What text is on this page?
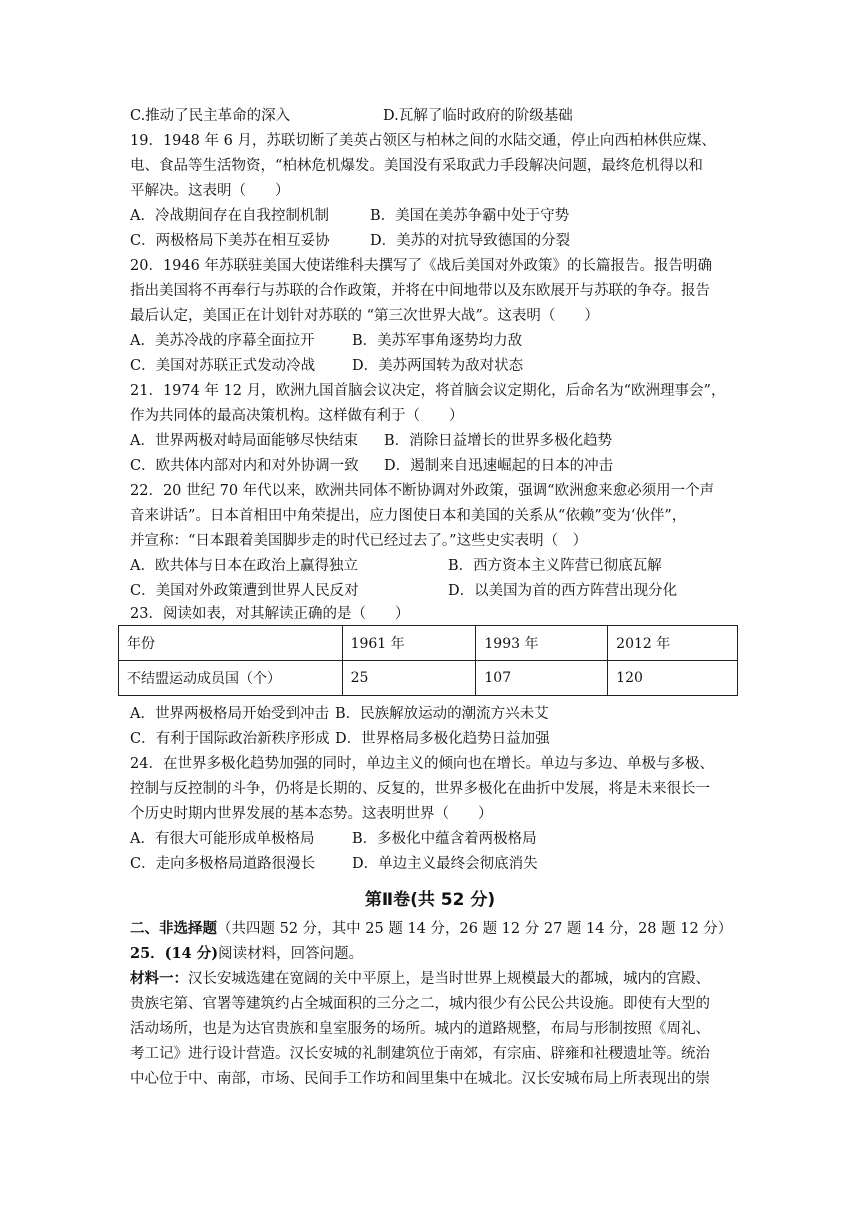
C.推动了民主革命的深入	D.瓦解了临时政府的阶级基础
19．1948 年 6 月，苏联切断了美英占领区与柏林之间的水陆交通，停止向西柏林供应煤、
电、食品等生活物资，“柏林危机爆发。美国没有采取武力手段解决问题，最终危机得以和
平解决。这表明（　　）
A．冷战期间存在自我控制机制	B．美国在美苏争霸中处于守势
C．两极格局下美苏在相互妥协	D．美苏的对抗导致德国的分裂
20．1946 年苏联驻美国大使诺维科夫撰写了《战后美国对外政策》的长篇报告。报告明确
指出美国将不再奉行与苏联的合作政策，并将在中间地带以及东欧展开与苏联的争夺。报告
最后认定，美国正在计划针对苏联的 “第三次世界大战”。这表明（　　）
A．美苏冷战的序幕全面拉开	B．美苏军事角逐势均力敌
C．美国对苏联正式发动冷战	D．美苏两国转为敌对状态
21．1974 年 12 月，欧洲九国首脑会议决定，将首脑会议定期化，后命名为“欧洲理事会”，
作为共同体的最高决策机构。这样做有利于（　　）
A．世界两极对峙局面能够尽快结束 B．消除日益增长的世界多极化趋势
C．欧共体内部对内和对外协调一致 D．遏制来自迅速崛起的日本的冲击
22．20 世纪 70 年代以来，欧洲共同体不断协调对外政策，强调“欧洲愈来愈必须用一个声
音来讲话”。日本首相田中角荣提出，应力图使日本和美国的关系从“依赖”变为‘伙伴”，
并宣称：“日本跟着美国脚步走的时代已经过去了。”这些史实表明（　）
A．欧共体与日本在政治上赢得独立	B．西方资本主义阵营已彻底瓦解
C．美国对外政策遭到世界人民反对	D．以美国为首的西方阵营出现分化
23．阅读如表，对其解读正确的是（　　）
年份	1961 年	1993 年	2012 年
不结盟运动成员国（个）	25	107	120
A．世界两极格局开始受到冲击 B．民族解放运动的潮流方兴未艾
C．有利于国际政治新秩序形成 D．世界格局多极化趋势日益加强
24．在世界多极化趋势加强的同时，单边主义的倾向也在增长。单边与多边、单极与多极、
控制与反控制的斗争，仍将是长期的、反复的，世界多极化在曲折中发展，将是未来很长一
个历史时期内世界发展的基本态势。这表明世界（　　）
A．有很大可能形成单极格局	B．多极化中蕴含着两极格局
C．走向多极格局道路很漫长	D．单边主义最终会彻底消失
第Ⅱ卷(共 52 分)
二、非选择题（共四题 52 分，其中 25 题 14 分，26 题 12 分 27 题 14 分，28 题 12 分）
25．(14 分)阅读材料，回答问题。
材料一：汉长安城选建在宽阔的关中平原上，是当时世界上规模最大的都城，城内的宫殿、
贵族宅第、官署等建筑约占全城面积的三分之二，城内很少有公民公共设施。即使有大型的
活动场所，也是为达官贵族和皇室服务的场所。城内的道路规整，布局与形制按照《周礼、
考工记》进行设计营造。汉长安城的礼制建筑位于南郊，有宗庙、辟雍和社稷遗址等。统治
中心位于中、南部，市场、民间手工作坊和闾里集中在城北。汉长安城布局上所表现出的崇
